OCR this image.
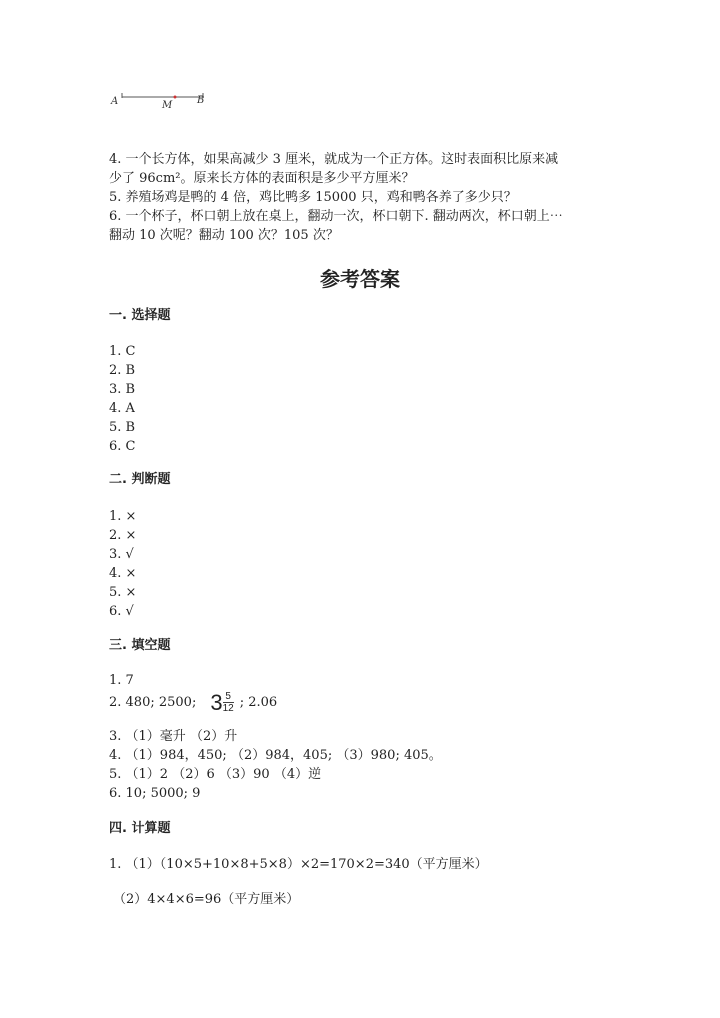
A	M B
4. 一个长方体，如果高减少 3 厘米，就成为一个正方体。这时表面积比原来减
少了 96cm²。原来长方体的表面积是多少平方厘米？
5. 养殖场鸡是鸭的 4 倍，鸡比鸭多 15000 只，鸡和鸭各养了多少只？
6. 一个杯子，杯口朝上放在桌上，翻动一次，杯口朝下. 翻动两次，杯口朝上⋯
翻动 10 次呢？翻动 100 次？105 次？
参考答案
一. 选择题
1. C
2. B
3. B
4. A
5. B
6. C
二. 判断题
1. ×
2. ×
3. √
4. ×
5. ×
6. √
三. 填空题
1. 7
2. 480; 2500; $3 \frac{5}{12}$ ; 2.06
3. （1）毫升 （2）升
4. （1）984，450; （2）984，405; （3）980; 405。
5. （1）2 （2）6 （3）90 （4）逆
6. 10; 5000; 9
四. 计算题
1. （1）（10×5+10×8+5×8）×2=170×2=340（平方厘米）
（2）4×4×6=96（平方厘米）
